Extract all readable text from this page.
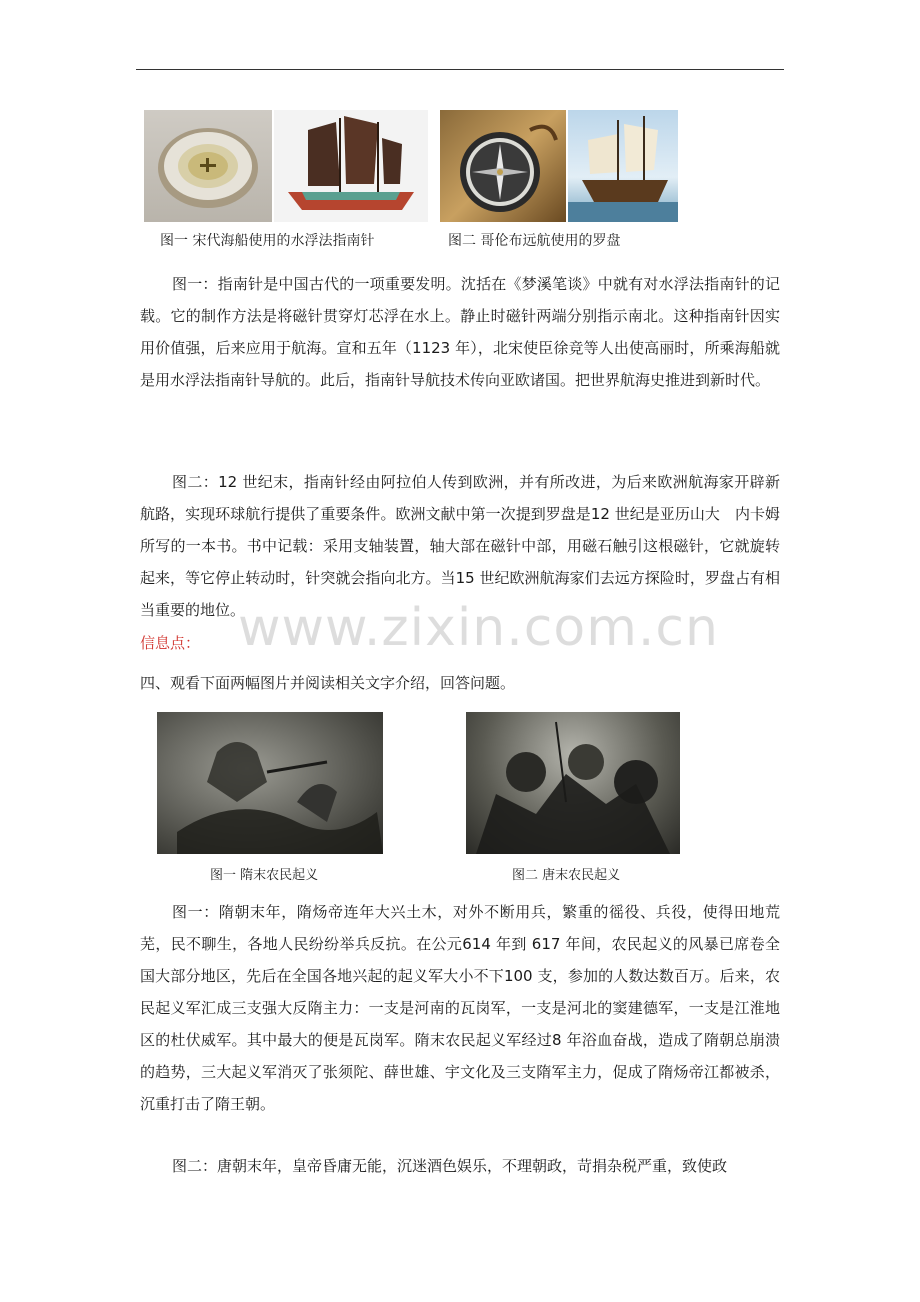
图一 宋代海船使用的水浮法指南针	图二 哥伦布远航使用的罗盘

图一：指南针是中国古代的一项重要发明。沈括在《梦溪笔谈》中就有对水浮法指南针的记载。它的制作方法是将磁针贯穿灯芯浮在水上。静止时磁针两端分别指示南北。这种指南针因实用价值强，后来应用于航海。宣和五年（1123 年），北宋使臣徐竞等人出使高丽时，所乘海船就是用水浮法指南针导航的。此后，指南针导航技术传向亚欧诸国。把世界航海史推进到新时代。

图二：12 世纪末，指南针经由阿拉伯人传到欧洲，并有所改进，为后来欧洲航海家开辟新航路，实现环球航行提供了重要条件。欧洲文献中第一次提到罗盘是12 世纪是亚历山大　内卡姆所写的一本书。书中记载：采用支轴装置，轴大部在磁针中部，用磁石触引这根磁针，它就旋转起来，等它停止转动时，针突就会指向北方。当15 世纪欧洲航海家们去远方探险时，罗盘占有相当重要的地位。

www.zixin.com.cn
信息点：
四、观看下面两幅图片并阅读相关文字介绍，回答问题。
图一 隋末农民起义	图二 唐末农民起义

图一：隋朝末年，隋炀帝连年大兴土木，对外不断用兵，繁重的徭役、兵役，使得田地荒芜，民不聊生，各地人民纷纷举兵反抗。在公元614 年到 617 年间，农民起义的风暴已席卷全国大部分地区，先后在全国各地兴起的起义军大小不下100 支，参加的人数达数百万。后来，农民起义军汇成三支强大反隋主力：一支是河南的瓦岗军，一支是河北的窦建德军，一支是江淮地区的杜伏威军。其中最大的便是瓦岗军。隋末农民起义军经过8 年浴血奋战，造成了隋朝总崩溃的趋势，三大起义军消灭了张须陀、薛世雄、宇文化及三支隋军主力，促成了隋炀帝江都被杀，沉重打击了隋王朝。

图二：唐朝末年，皇帝昏庸无能，沉迷酒色娱乐，不理朝政，苛捐杂税严重，致使政
